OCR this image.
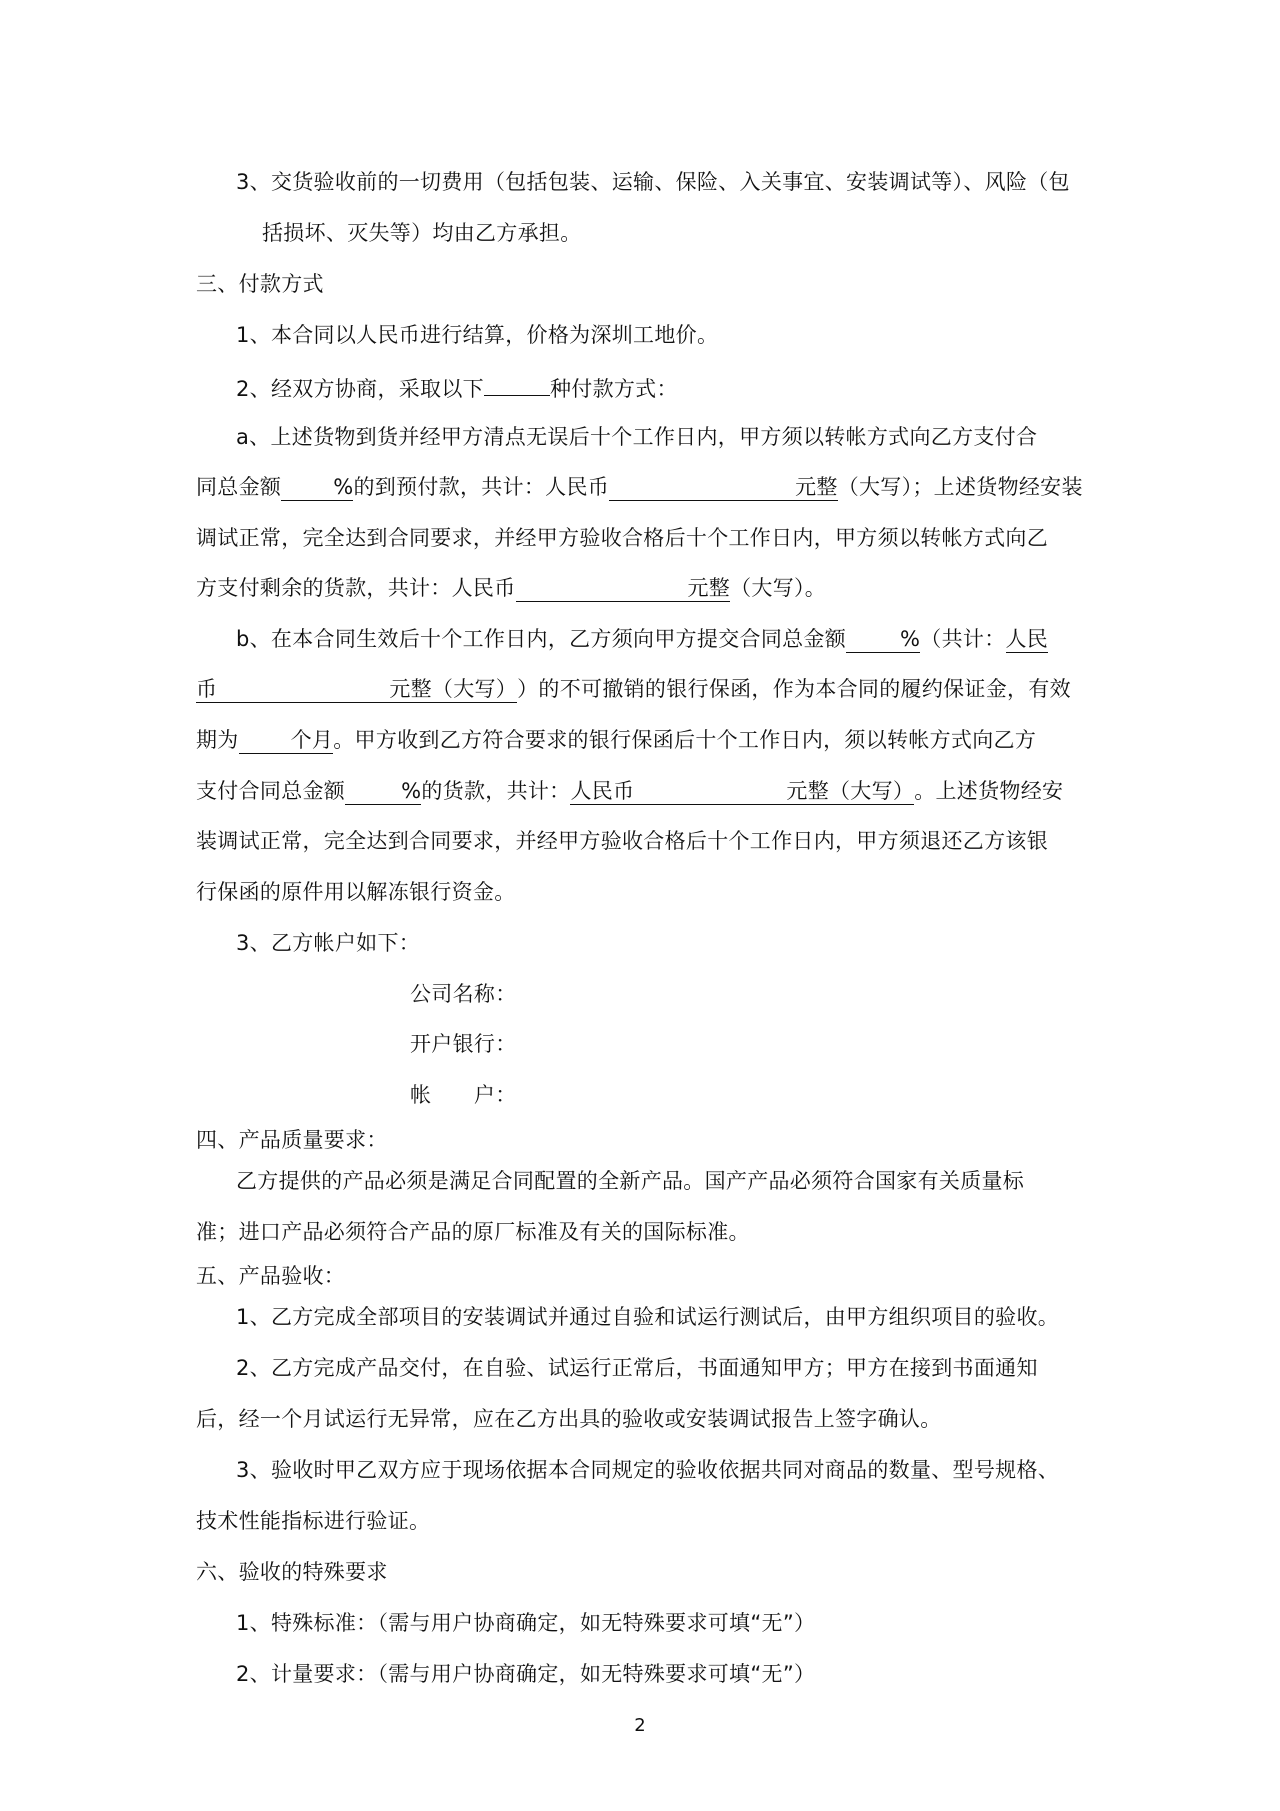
3、交货验收前的一切费用（包括包装、运输、保险、入关事宜、安装调试等）、风险（包
括损坏、灭失等）均由乙方承担。
三、付款方式
1、本合同以人民币进行结算，价格为深圳工地价。
2、经双方协商，采取以下	种付款方式：
a、上述货物到货并经甲方清点无误后十个工作日内，甲方须以转帐方式向乙方支付合
同总金额 %的到预付款，共计：人民币	元整（大写）；上述货物经安装
调试正常，完全达到合同要求，并经甲方验收合格后十个工作日内，甲方须以转帐方式向乙
方支付剩余的货款，共计：人民币	元整（大写）。
b、在本合同生效后十个工作日内，乙方须向甲方提交合同总金额	%（共计：人民
币	元整（大写））的不可撤销的银行保函，作为本合同的履约保证金，有效
期为 个月。甲方收到乙方符合要求的银行保函后十个工作日内，须以转帐方式向乙方
支付合同总金额	%的货款，共计：人民币	元整（大写）。上述货物经安
装调试正常，完全达到合同要求，并经甲方验收合格后十个工作日内，甲方须退还乙方该银
行保函的原件用以解冻银行资金。
3、乙方帐户如下：
公司名称：
开户银行：
帐　　户：
四、产品质量要求：
乙方提供的产品必须是满足合同配置的全新产品。国产产品必须符合国家有关质量标
准；进口产品必须符合产品的原厂标准及有关的国际标准。
五、产品验收：
1、乙方完成全部项目的安装调试并通过自验和试运行测试后，由甲方组织项目的验收。
2、乙方完成产品交付，在自验、试运行正常后，书面通知甲方；甲方在接到书面通知
后，经一个月试运行无异常，应在乙方出具的验收或安装调试报告上签字确认。
3、验收时甲乙双方应于现场依据本合同规定的验收依据共同对商品的数量、型号规格、
技术性能指标进行验证。
六、验收的特殊要求
1、特殊标准：（需与用户协商确定，如无特殊要求可填“无”）
2、计量要求：（需与用户协商确定，如无特殊要求可填“无”）
2
